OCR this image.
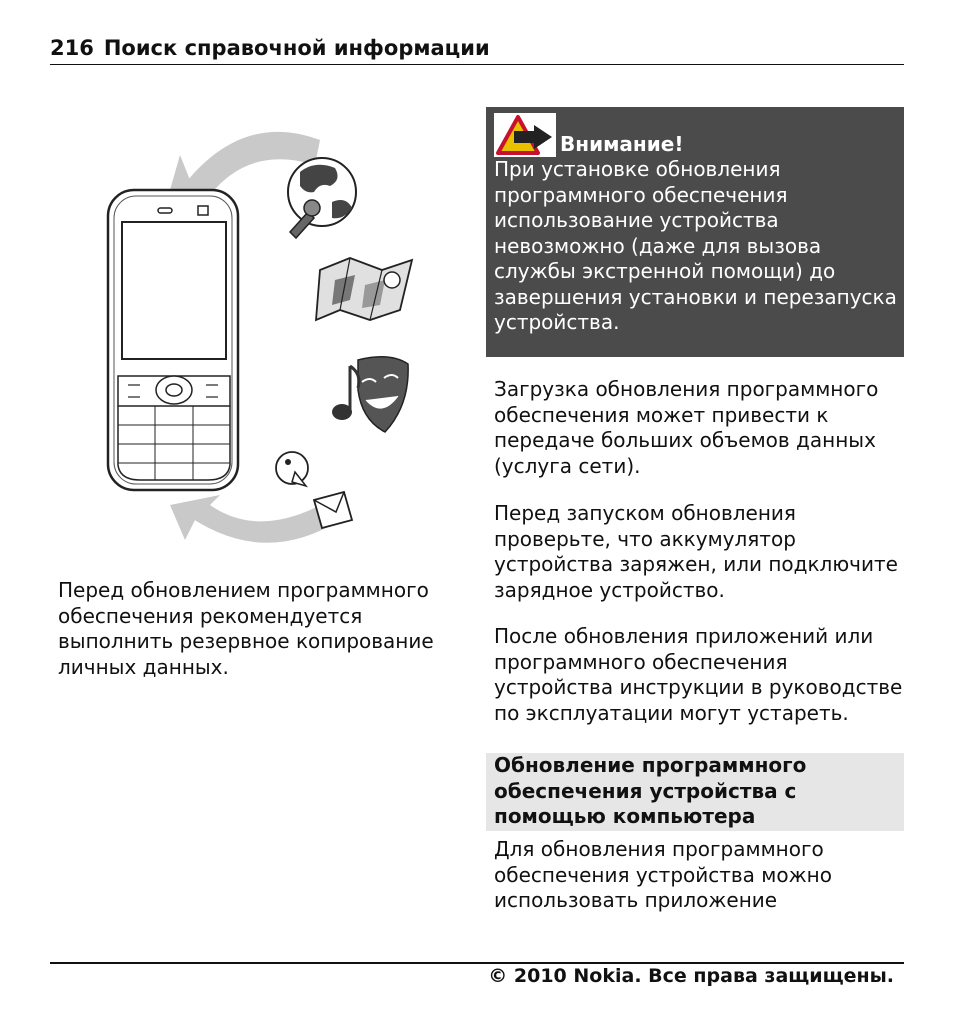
216 Поиск справочной информации
Перед обновлением программного обеспечения рекомендуется выполнить резервное копирование личных данных.
Внимание!
При установке обновления программного обеспечения использование устройства невозможно (даже для вызова службы экстренной помощи) до завершения установки и перезапуска устройства.
Загрузка обновления программного обеспечения может привести к передаче больших объемов данных (услуга сети).
Перед запуском обновления проверьте, что аккумулятор устройства заряжен, или подключите зарядное устройство.
После обновления приложений или программного обеспечения устройства инструкции в руководстве по эксплуатации могут устареть.
Обновление программного обеспечения устройства с помощью компьютера
Для обновления программного обеспечения устройства можно использовать приложение
© 2010 Nokia. Все права защищены.
